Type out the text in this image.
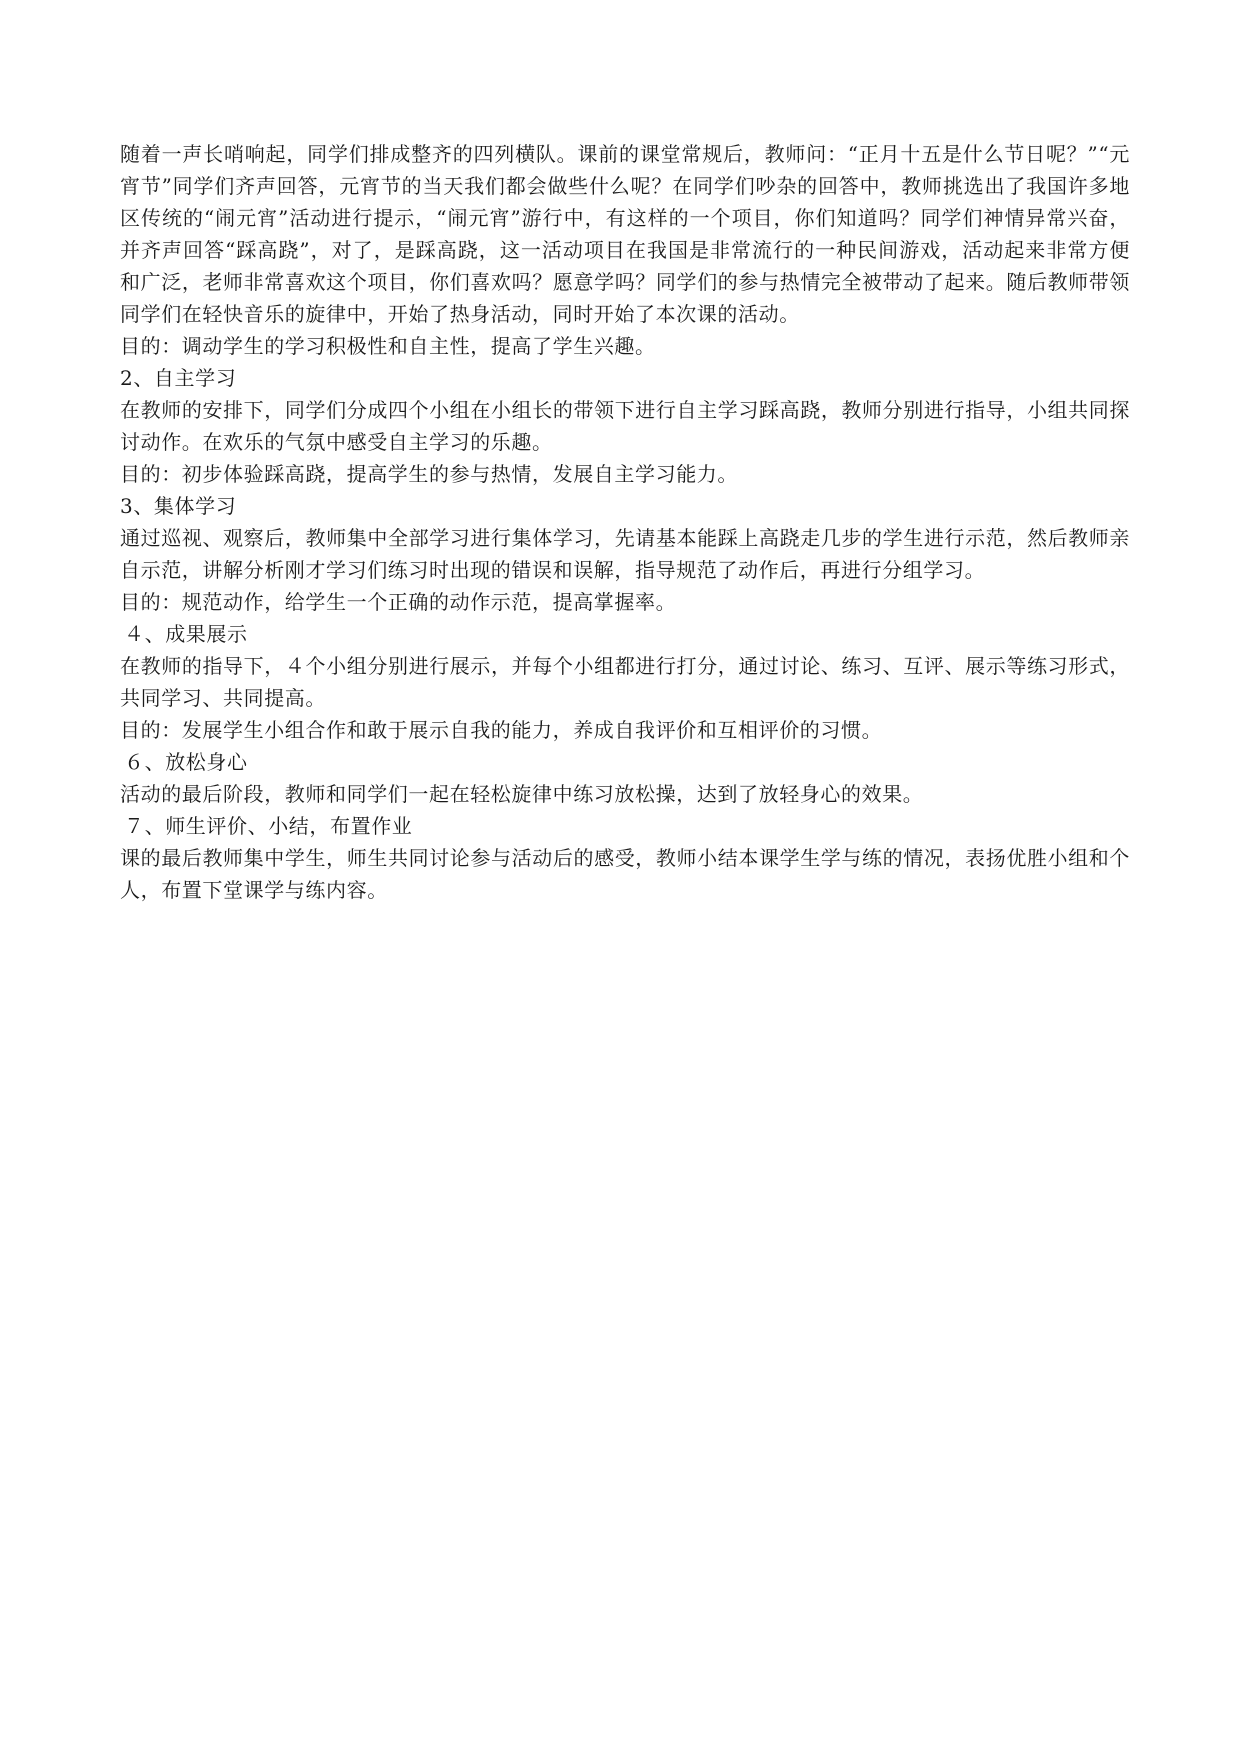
随着一声长哨响起，同学们排成整齐的四列横队。课前的课堂常规后，教师问：“正月十五是什么节日呢？”“元宵节”同学们齐声回答，元宵节的当天我们都会做些什么呢？在同学们吵杂的回答中，教师挑选出了我国许多地区传统的“闹元宵”活动进行提示，“闹元宵”游行中，有这样的一个项目，你们知道吗？同学们神情异常兴奋，并齐声回答“踩高跷”，对了，是踩高跷，这一活动项目在我国是非常流行的一种民间游戏，活动起来非常方便和广泛，老师非常喜欢这个项目，你们喜欢吗？愿意学吗？同学们的参与热情完全被带动了起来。随后教师带领同学们在轻快音乐的旋律中，开始了热身活动，同时开始了本次课的活动。

目的：调动学生的学习积极性和自主性，提高了学生兴趣。

2、自主学习

在教师的安排下，同学们分成四个小组在小组长的带领下进行自主学习踩高跷，教师分别进行指导，小组共同探讨动作。在欢乐的气氛中感受自主学习的乐趣。

目的：初步体验踩高跷，提高学生的参与热情，发展自主学习能力。

3、集体学习

通过巡视、观察后，教师集中全部学习进行集体学习，先请基本能踩上高跷走几步的学生进行示范，然后教师亲自示范，讲解分析刚才学习们练习时出现的错误和误解，指导规范了动作后，再进行分组学习。

目的：规范动作，给学生一个正确的动作示范，提高掌握率。

４、成果展示

在教师的指导下，４个小组分别进行展示，并每个小组都进行打分，通过讨论、练习、互评、展示等练习形式，共同学习、共同提高。

目的：发展学生小组合作和敢于展示自我的能力，养成自我评价和互相评价的习惯。

６、放松身心

活动的最后阶段，教师和同学们一起在轻松旋律中练习放松操，达到了放轻身心的效果。

７、师生评价、小结，布置作业

课的最后教师集中学生，师生共同讨论参与活动后的感受，教师小结本课学生学与练的情况，表扬优胜小组和个人，布置下堂课学与练内容。
